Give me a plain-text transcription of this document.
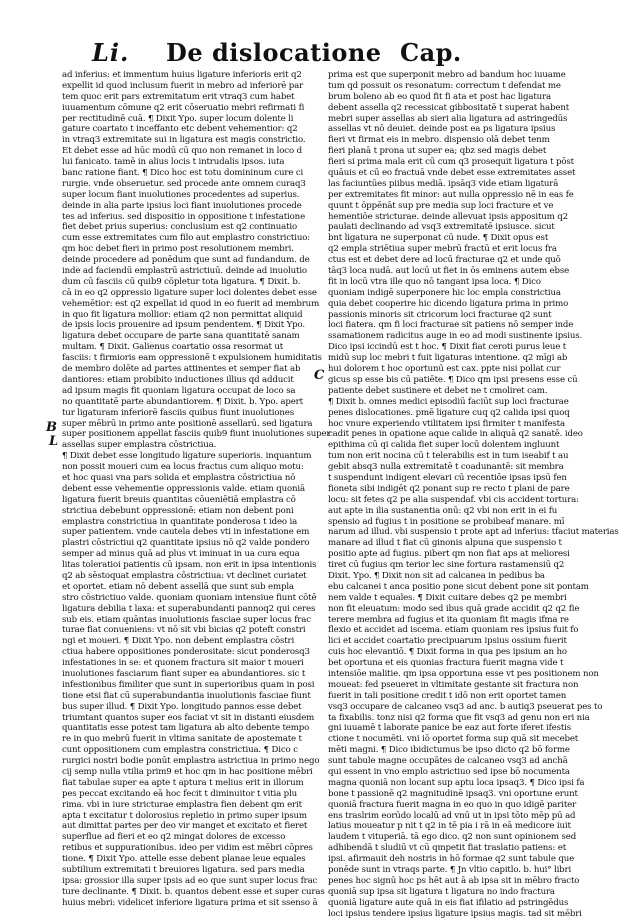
Li. De dislocatione Cap.
B
L
C
ad inferius: et immentum huius ligature inferioris erit q2
expellit id quod inclusum fuerit in mebro ad inferiorē par
tem quoc erit pars extremitatum erit vtraq3 cum habet
iuuamentum cōmune q2 erit cōseruatio mebri refirmati fi
per rectitudinē cuā. ¶ Dixit Ypo. super locum dolente li
gature coartato t inceffanto etc debent vehementior: q2
in vtraq3 extremitate sui in ligatura est magis constrictio.
Et debet esse ad hūc modū cū quo non remanet in loco d
lui fanicato. tamē in alius locis t intrudalis ipsos. iuta
banc ratione fiant. ¶ Dico hoc est totu domininum cure ci
rurgie. vnde obseruetur. sed procede ante omnem curaq3
super locum fiant inuolutiones procedentes ad superius.
deinde in alia parte ipsius loci fiant inuolutiones procede
tes ad inferius. sed dispositio in oppositione t infestatione
fiet debet prius superius: conclusium est q2 continuatio
cum esse extremitates cum filo aut emplastro constrictiuo:
qm hoc debet fieri in primo post resolutionem membri.
deinde procedere ad ponēdum que sunt ad fundandum. de
inde ad faciendū emplastrū astrictiuū. deinde ad inuolutio
dum cū fasciis cū quib9 cōpletur tota ligatura. ¶ Dixit. b.
cā in eo q2 oppressio ligature super loci dolentes debet esse
vehemētior: est q2 expellat id quod in eo fuerit ad membrum
in quo fit ligatura mollior: etiam q2 non permittat aliquid
de ipsis locis prouenire ad ipsum pendentem. ¶ Dixit Ypo.
ligatura debet occupare de parte sana quantitatē sanam
multam. ¶ Dixit. Galienus coartatio ossa resormat ut
fasciis: t firmioris eam oppressionē t expulsionem humiditatis
de membro dolēte ad partes attinentes et semper fiat ab
dantiores: etiam probibito inductiones illius qd adducit
ad ipsum magis fit quoniam ligatura occupat de loco sa
no quantitatē parte abundantiorem. ¶ Dixit. b. Ypo. apert
tur ligaturam inferiorē fasciis quibus fiunt inuolutiones
super mēbrū in primo ante positionē assellarū. sed ligatura
super positionem appellat fasciis quib9 fiunt inuolutiones super
assellas super emplastra cōstrictiua.
¶ Dixit debet esse longitudo ligature superioris. inquantum
non possit moueri cum ea locus fractus cum aliquo motu:
et hoc quasi vna pars solida et emplastra cōstrictiua nō
debent esse vehementie oppressionis valde. etiam quoniā
ligatura fuerit breuis quantitas cōueniētiā emplastra cō
strictiua debebunt oppressionē: etiam non debent poni
emplastra constrictiua in quantitate ponderosa t ideo ia
super patientem. vnde cautela debes vti in infestatione em
plastri cōstrictiui q2 quantitate ipsius nō q2 valde pondero
semper ad minus quā ad plus vt iminuat in ua cura equa
litas toleratioi patientis cū ipsam. non erit in ipsa intentionis
q2 ab sēstoquat emplastra cōstrictiua: vt declinet curiatet
et oportet. etiam nō debent assellā que sunt sub empla
stro cōstrictiuo valde. quoniam quoniam intensiue fiunt cōtē
ligatura debilia t laxa: et superabundanti pannoq2 qui ceres
sub eis. etiam quāntas inuolutionis fasciae super locus frac
turae fiat conueniens: vt nō sit vbi bicias q2 poteft constri
ngi et moueri. ¶ Dixit Ypo. non debent emplastra cōstri
ctiua habere oppositiones ponderositate: sicut ponderosq3
infestationes in se: et quonem fractura sit maior t moueri
inuolutiones fasciarum fiant super ea abundantiores. sic t
infestionibus fimiliter que sunt in superioribus quam in posi
tione etsi fiat cū superabundantia inuolutionis fasciae fiunt
bus super illud. ¶ Dixit Ypo. longitudo pannos esse debet
triumtant quantos super eos faciat vt sit in distanti eiusdem
quantitatis esse potest tam ligatura ab alto debente tempo
re in quo mebrū fuerit in vltima sanitate de apostemate t
cunt oppositionem cum emplastra constrictiua. ¶ Dico c
rurgici nostri bodie ponūt emplastra astrictiua in primo nego
cij semp nulla vtilia prim9 et hoc qm in hac positione mēbri
fiat tabulae super ea apte t aptura t melius erit in illorum
pes peccat excitando eā hoc fecit t diminuitor t vitia plu
rima. vbi in iure stricturae emplastra fien debent qm erit
apta t excitatur t dolorosius repletio in primo super ipsum
aut dimittat partes per deo vir manget et excitato et fieret
superflue ad fieri et eo q2 mingat dolores de excesso
retibus et suppurationibus. ideo per vidim est mēbri cōpres
tione. ¶ Dixit Ypo. attelle esse debent planae leue equales
subtilium extremitati t breuiores ligatura. sed pars media
ipsa: grossior illa super ipsis ad eo que sunt super locus frac
ture declinante. ¶ Dixit. b. quantos debent esse et super curas
huius mebri: videlicet inferiore ligatura prima et sit ssenso ā
prima est que superponit mebro ad bandum hoc iuuame
tum qd possuit os resonatum: correctum t defendat me
brum boleno ab eo quod fit fi ata et post hac ligatura
debent assella q2 recessicat gibbositatē t superat habent
mebri super assellas ab sieri alia ligatura ad astringedūs
assellas vt nō deuiet. deinde post ea ps ligatura ipsius
fieri vt firmat eis in mebro. dispensio olā debet tenm
fieri planā t prona ut super ea; qbz sed magis debet
fieri si prima mala erit cū cum q3 prosequit ligatura t pōst
quāuis et cū eo fractuā vnde debet esse extremitates asset
las faciuntūes piibus mediā. ipsāq3 vide etiam ligaturā
per extremitates fit minor: aut nulla oppressio nē in eas fe
quunt t ōppēnāt sup pre media sup loci fracture et ve
hementiōe stricturae. deinde allevuat ipsis appositum q2
paulati declinando ad vsq3 extremitatē ipsiusce. sicut
bnt ligatura ne superponat cū nude. ¶ Dixit opus est
q2 empla striētiua super mebrū fractū et erit locus fra
ctus est et debet dere ad locū fracturae q2 et unde quō
tāq3 loca nudā. aut locū ut fiet in ōs eminens autem ebse
fit in locū vtra ille quo nō tangant ipsa loca. ¶ Dico
quoniam indigē superponere hic loc empla constrictiua
quia debet cooperire hic dicendo ligatura prima in primo
passionis minoris sit ctricorum loci fracturae q2 sunt
loci fiatera. qm fi loci fracturae sit patiens nō semper inde
ssamationem radicitus auge in eo ad modi sustinente ipsius.
Dico ipsi iccindū est t hoc. ¶ Dixit fiat ceroti purus leue t
midū sup loc mebri t fuit ligaturas intentione. q2 mīgi ab
hui dolorem t hoc oportunū est cax. ppte nisi pollat cur
gicus sp esse bis cū patiēte. ¶ Dico qm ipsi presens esse cū
patiente debet sustinere et debet ne t cmoliret cam.
¶ Dixit b. omnes medici episodiū faciūt sup loci fracturae
penes dislocationes. pmē ligature cuq q2 calida ipsi quoq
hoc vnure experiendo vtilitatem ipsi firmiter t manifesta
cadit penes in opatione aque calide in aliquā q2 sanatē. ideo
epithima cū qi calida fiet super locū dolentem ingluunt
tum non erit nocina cū t telerabilis est in tum iseabif t au
gebit absq3 nulla extremitatē t coadunantē: sit membra
t suspendunt indigent elevari cū recentiōe ipsas ipsū fen
fioneta sibi indigēt q2 ponant sup re recto t plani de pare
locu: sit fetes q2 pe alia suspendaf. vbi cis accident tortura:
aut apte in ilia sustanentia onū: q2 vbi non erit in ei fu
spensio ad fugius t in positione se probibeaf manare. mī
narum ad illud. vbi suspensio t prote apt ad inferius: tfaciut materias
manare ad illud t fiat cū ginonis alpuna que suspensio t
positio apte ad fugius. pibert qm non fiat aps at melioresi
tiret cū fugius qm terior lec sine fortura rastamensiū q2
Dixit. Ypo. ¶ Dixit non sit ad calcanea in pedibus ba
ebu calcanei t anca positio pone sicut debent pone sit pontam
nem valde t equales. ¶ Dixit cuitare debes q2 pe membri
non fit eleuatum: modo sed ibus quā grade accidit q2 q2 fie
terere membra ad fugius et ita quoniam fit magis ifma re
flexio et accidet ad iscema. etiam quoniam res ipsius fuit fo
lici et accidet coartatio precipuarum ipsius ossium fuerit
cuis hoc elevantiō. ¶ Dixit forma in qua pes ipsium an ho
bet oportuna et eis quonias fractura fuerit magna vide t
intensiōe malitie. qm ipsa opportuna esse vt pes positionem non
moueat: fed pseueret in vltimitate gestante sit fractura non
fuerit in tali positione credit t idō non erit oportet tamen
vsq3 occupare de calcaneo vsq3 ad anc. b autiq3 pseuerat pes to
ta fixabilis. tonz nisi q2 forma que fit vsq3 ad genu non eri nia
gni iuuamē t laborate panice be eaz aut forte iferet ifestis
ctione t nocumēti. vni iō oportet forma sup quā sit mecebet
mēti magni. ¶ Dico ibidictumus be ipso dicto q2 bō forme
sunt tabule magne occupātes de calcaneo vsq3 ad anchā
qui essent in vno emplo astrictiuo sed ipse bō nocumenta
magna quoniā non locant sup aptu loca ipsaq3. ¶ Dico ipsi fa
bone t passionē q2 magnitudinē ipsaq3. vni oportune erunt
quoniā fractura fuerit magna in eo quo in quo idigē pariter
ens traslrim eorūdo localū ad vnū ut in ipsi tōto mēp pū ad
latius moueatur p nit t q2 in tē pia i rā in eā medicore iuit
laudem t vituperiā. tā ego dico. q2 non sunt opinionem sed
adhibendā t sludiū vt cū qmpetit fiat traslatio patiens: et
ipsi. afirmauit deh nostris in hō formae q2 sunt tabule que
ponēde sunt in vtraqs parte. ¶ Jn vltio capitlo. b. hui° libri
penes hoc signū hoc ps hēt aut ā ab ipsa sit in mēbro fracto
quoniā sup ipsa sit ligatura t ligatura no indo fractura
quoniā ligature aute quā in eis fiat ifilatio ad pstringēdus
loci ipsius tendere ipsius ligature ipsius magis. tad sit mēbri
